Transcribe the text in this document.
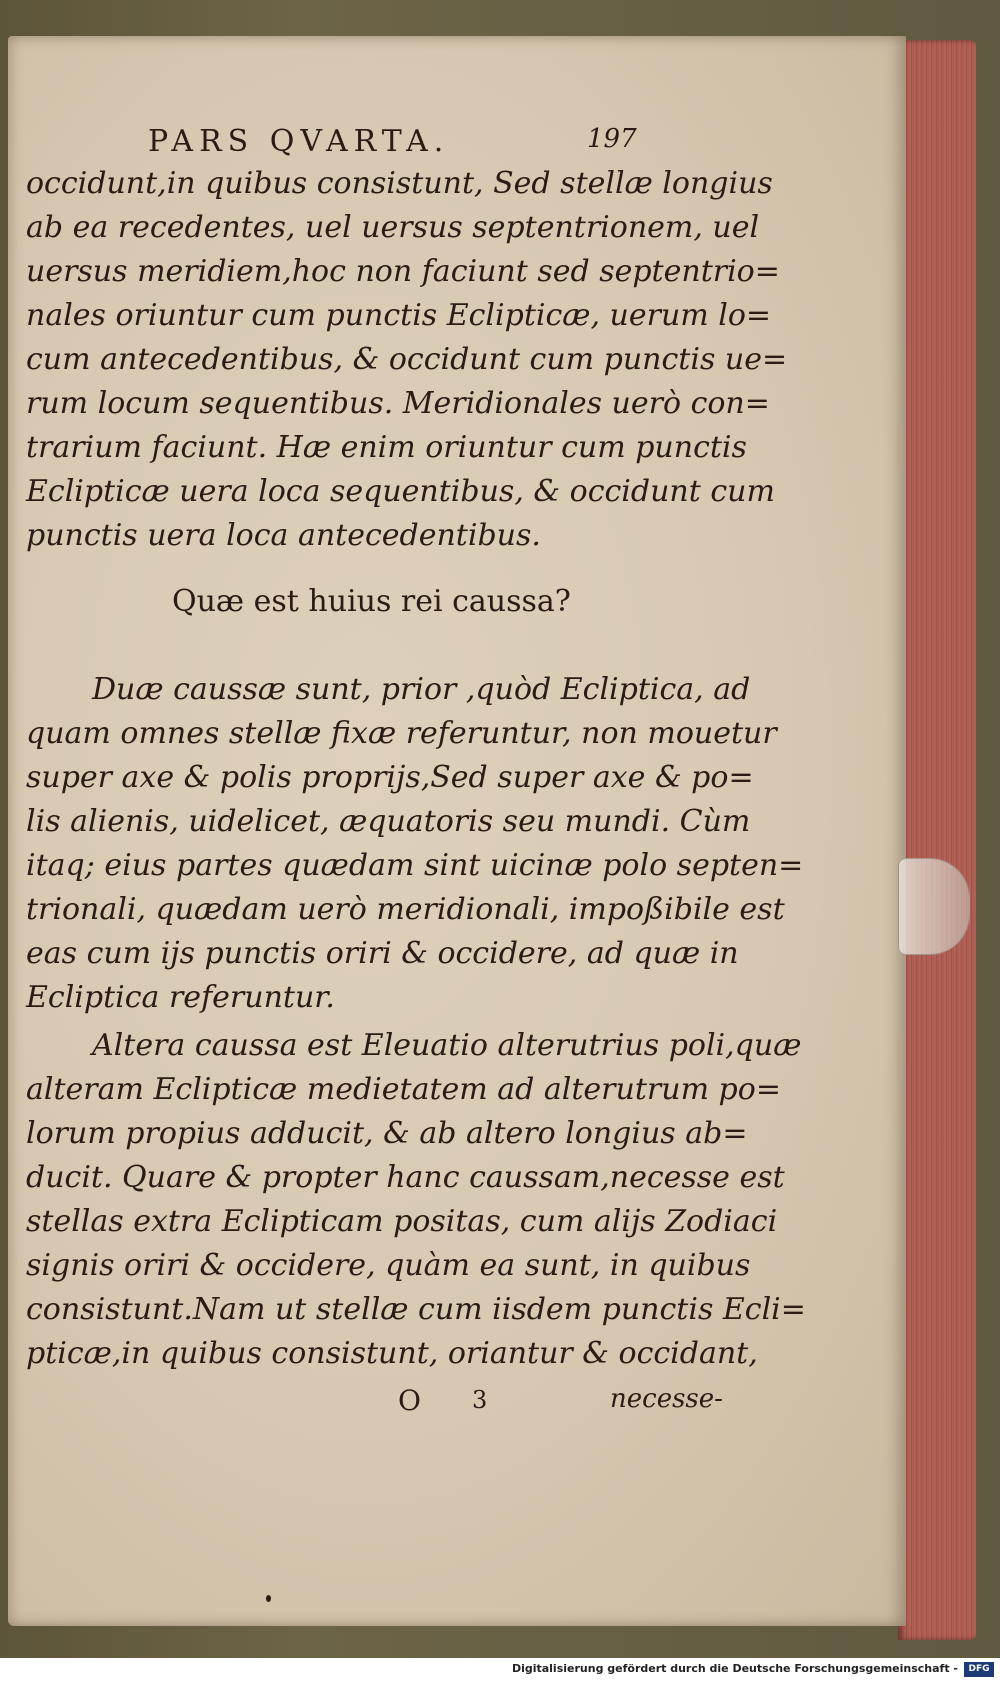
PARS QVARTA.	197
occidunt,in quibus consistunt, Sed stellæ longius
ab ea recedentes, uel uersus septentrionem, uel
uersus meridiem,hoc non faciunt sed septentrio=
nales oriuntur cum punctis Eclipticæ, uerum lo=
cum antecedentibus, & occidunt cum punctis ue=
rum locum sequentibus. Meridionales uerò con=
trarium faciunt. Hæ enim oriuntur cum punctis
Eclipticæ uera loca sequentibus, & occidunt cum
punctis uera loca antecedentibus.
Quæ est huius rei caussa?
Duæ caussæ sunt, prior ,quòd Ecliptica, ad
quam omnes stellæ fixæ referuntur, non mouetur
super axe & polis proprijs,Sed super axe & po=
lis alienis, uidelicet, æquatoris seu mundi. Cùm
itaq; eius partes quædam sint uicinæ polo septen=
trionali, quædam uerò meridionali, impoßibile est
eas cum ijs punctis oriri & occidere, ad quæ in
Ecliptica referuntur.
Altera caussa est Eleuatio alterutrius poli,quæ
alteram Eclipticæ medietatem ad alterutrum po=
lorum propius adducit, & ab altero longius ab=
ducit. Quare & propter hanc caussam,necesse est
stellas extra Eclipticam positas, cum alijs Zodiaci
signis oriri & occidere, quàm ea sunt, in quibus
consistunt.Nam ut stellæ cum iisdem punctis Ecli=
pticæ,in quibus consistunt, oriantur & occidant,
O 3	necesse-
Digitalisierung gefördert durch die Deutsche Forschungsgemeinschaft -	DFG
